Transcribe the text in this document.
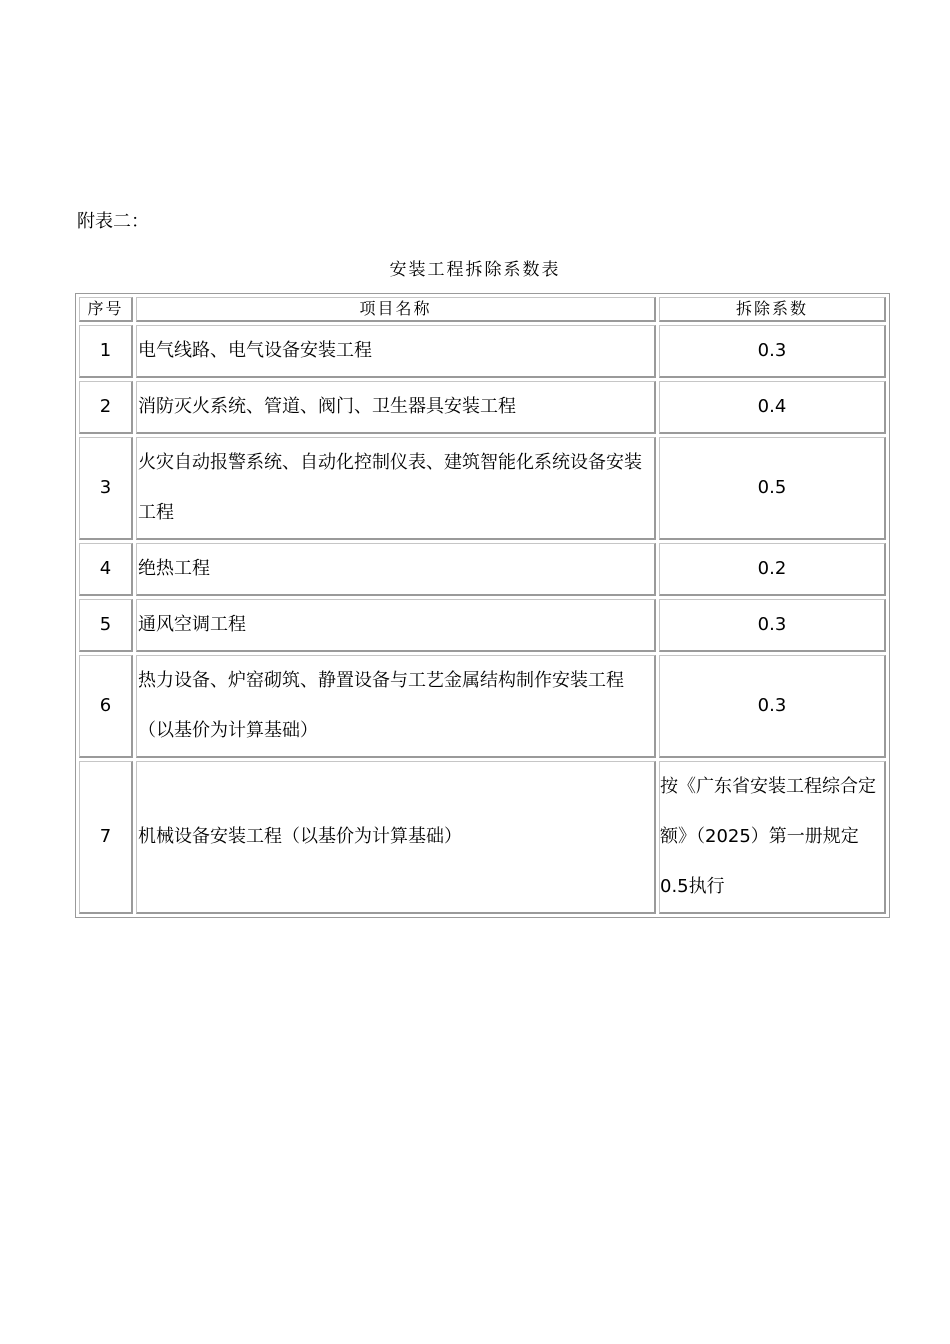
附表二：
安装工程拆除系数表
序号	项目名称	拆除系数
1	电气线路、电气设备安装工程	0.3
2	消防灭火系统、管道、阀门、卫生器具安装工程	0.4
3	火灾自动报警系统、自动化控制仪表、建筑智能化系统设备安装工程	0.5
4	绝热工程	0.2
5	通风空调工程	0.3
6	热力设备、炉窑砌筑、静置设备与工艺金属结构制作安装工程（以基价为计算基础）	0.3
7	机械设备安装工程（以基价为计算基础）	按《广东省安装工程综合定额》（2025）第一册规定0.5执行
